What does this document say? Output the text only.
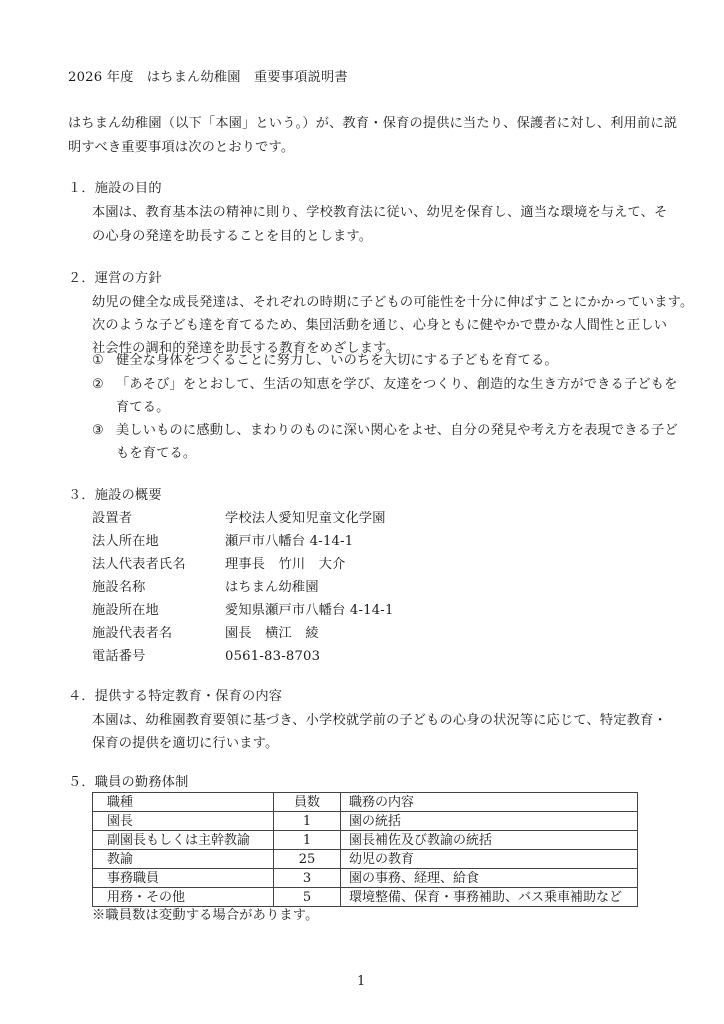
2026 年度　はちまん幼稚園　重要事項説明書
はちまん幼稚園（以下「本園」という。）が、教育・保育の提供に当たり、保護者に対し、利用前に説
明すべき重要事項は次のとおりです。
１．施設の目的
本園は、教育基本法の精神に則り、学校教育法に従い、幼児を保育し、適当な環境を与えて、そ
の心身の発達を助長することを目的とします。
２．運営の方針
幼児の健全な成長発達は、それぞれの時期に子どもの可能性を十分に伸ばすことにかかっています。
次のような子ども達を育てるため、集団活動を通じ、心身ともに健やかで豊かな人間性と正しい
社会性の調和的発達を助長する教育をめざします。
① 健全な身体をつくることに努力し、いのちを大切にする子どもを育てる。
② 「あそび」をとおして、生活の知恵を学び、友達をつくり、創造的な生き方ができる子どもを
育てる。
③ 美しいものに感動し、まわりのものに深い関心をよせ、自分の発見や考え方を表現できる子ど
もを育てる。
３．施設の概要
設置者	学校法人愛知児童文化学園
法人所在地	瀬戸市八幡台 4-14-1
法人代表者氏名	理事長　竹川　大介
施設名称	はちまん幼稚園
施設所在地	愛知県瀬戸市八幡台 4-14-1
施設代表者名	園長　横江　綾
電話番号	0561-83-8703
４．提供する特定教育・保育の内容
本園は、幼稚園教育要領に基づき、小学校就学前の子どもの心身の状況等に応じて、特定教育・
保育の提供を適切に行います。
５．職員の勤務体制
職種	員数	職務の内容
園長	1	園の統括
副園長もしくは主幹教諭	1	園長補佐及び教諭の統括
教諭	25	幼児の教育
事務職員	3	園の事務、経理、給食
用務・その他	5	環境整備、保育・事務補助、バス乗車補助など
※職員数は変動する場合があります。
1
